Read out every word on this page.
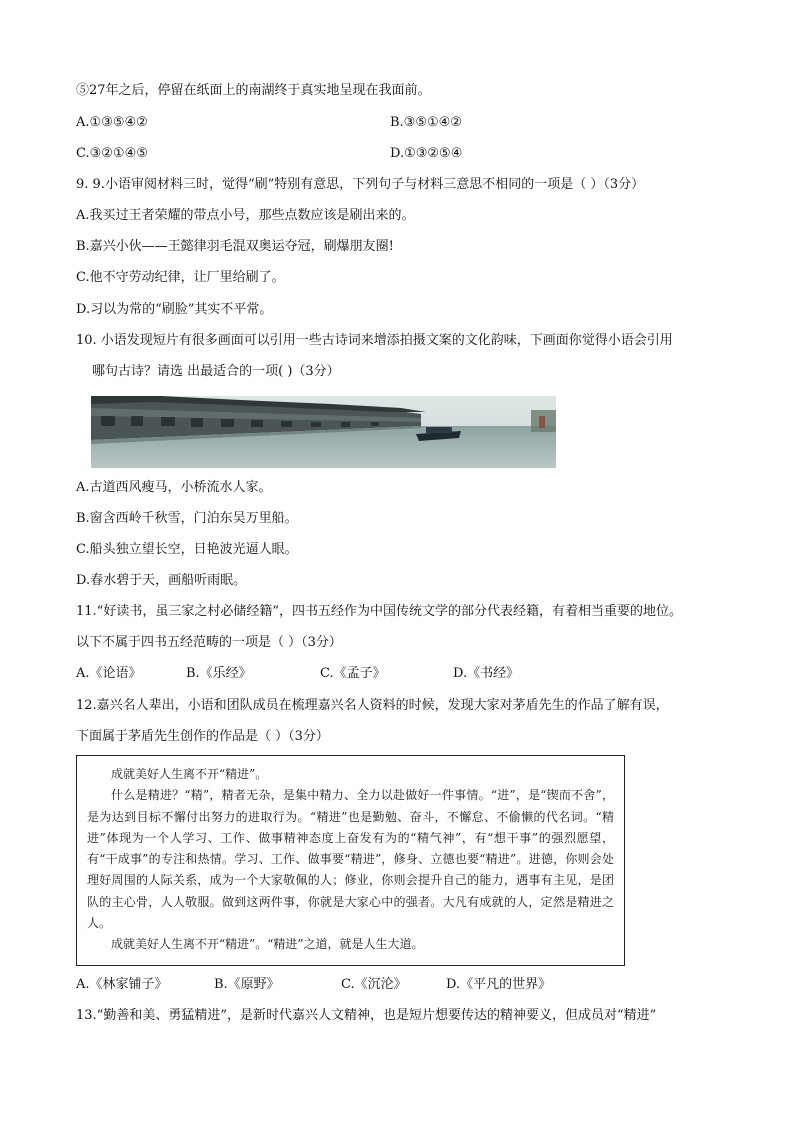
⑤27年之后，停留在纸面上的南湖终于真实地呈现在我面前。
A.①③⑤④②	B.③⑤①④②
C.③②①④⑤	D.①③②⑤④
9. 9.小语审阅材料三时，觉得“刷”特别有意思，下列句子与材料三意思不相同的一项是（ ）（3分）
A.我买过王者荣耀的带点小号，那些点数应该是刷出来的。
B.嘉兴小伙——王懿律羽毛混双奥运夺冠，刷爆朋友圈!
C.他不守劳动纪律，让厂里给刷了。
D.习以为常的“刷脸”其实不平常。
10. 小语发现短片有很多画面可以引用一些古诗词来增添拍摄文案的文化韵味，下画面你觉得小语会引用
哪句古诗？请选 出最适合的一项( )（3分）
A.古道西风瘦马，小桥流水人家。
B.窗含西岭千秋雪，门泊东吴万里船。
C.船头独立望长空，日艳波光逼人眼。
D.春水碧于天，画船听雨眠。
11.“好读书，虽三家之村必储经籍”，四书五经作为中国传统文学的部分代表经籍，有着相当重要的地位。
以下不属于四书五经范畴的一项是（ ）（3分）
A.《论语》	B.《乐经》	C.《孟子》	D.《书经》
12.嘉兴名人辈出，小语和团队成员在梳理嘉兴名人资料的时候，发现大家对茅盾先生的作品了解有误，
下面属于茅盾先生创作的作品是（ ）（3分）

成就美好人生离不开“精进”。

什么是精进？“精”，精者无杂，是集中精力、全力以赴做好一件事情。“进”，是“锲而不舍”，是为达到目标不懈付出努力的进取行为。“精进”也是勤勉、奋斗，不懈怠、不偷懒的代名词。“精进”体现为一个人学习、工作、做事精神态度上奋发有为的“精气神”，有“想干事”的强烈愿望，有“干成事”的专注和热情。学习、工作、做事要“精进”，修身、立德也要“精进”。进德，你则会处理好周围的人际关系，成为一个大家敬佩的人；修业，你则会提升自己的能力，遇事有主见，是团队的主心骨，人人敬服。做到这两件事，你就是大家心中的强者。大凡有成就的人，定然是精进之人。

成就美好人生离不开“精进”。“精进”之道，就是人生大道。

A.《林家铺子》	B.《原野》	C.《沉沦》	D.《平凡的世界》
13.“勤善和美、勇猛精进”，是新时代嘉兴人文精神，也是短片想要传达的精神要义，但成员对“精进”
